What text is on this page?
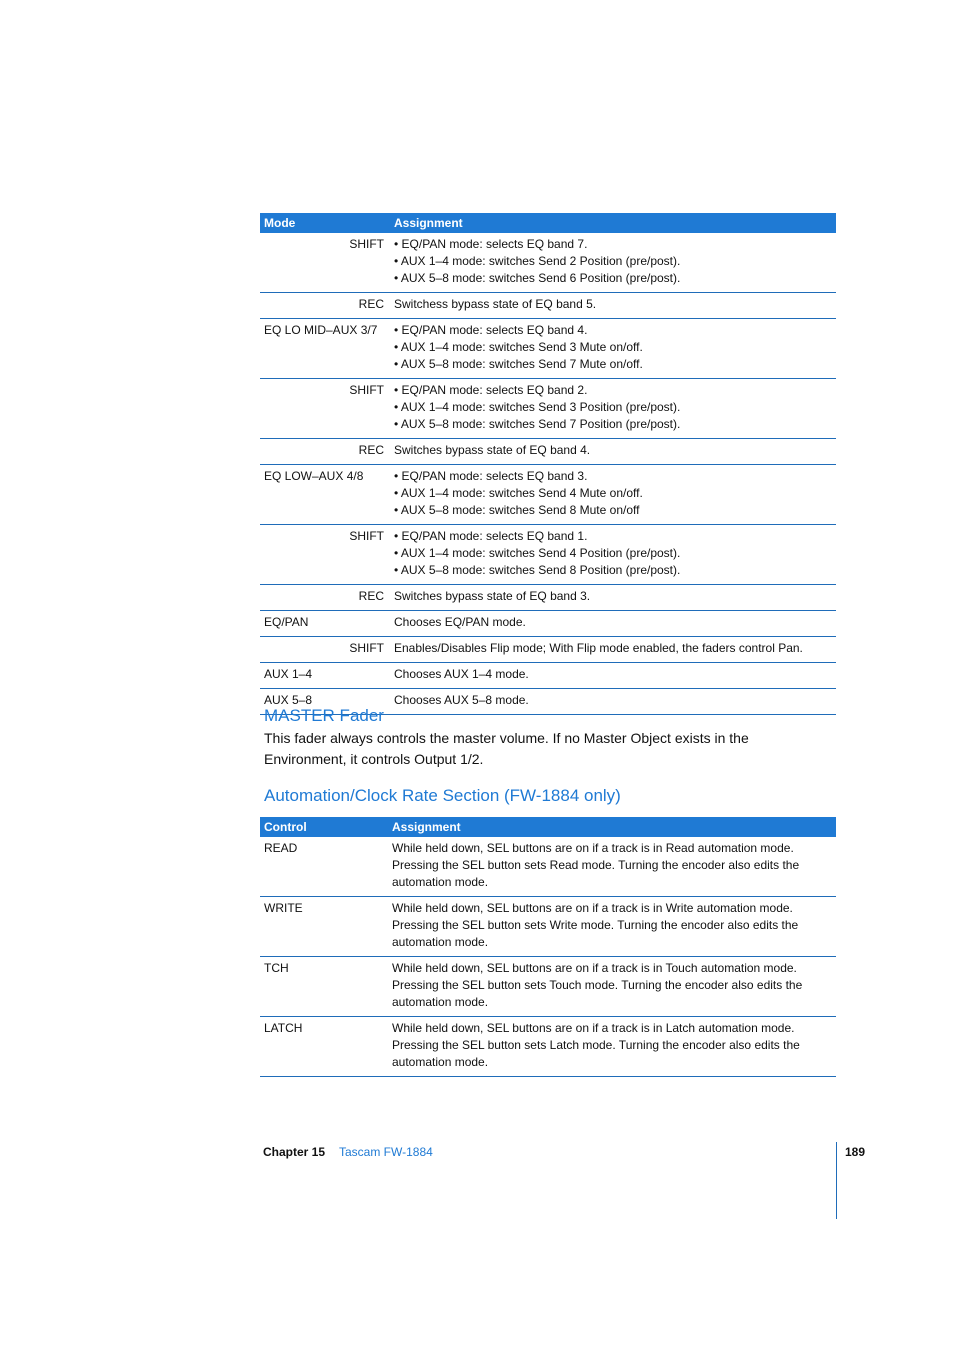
Mode	Assignment
SHIFT	• EQ/PAN mode: selects EQ band 7.
• AUX 1–4 mode: switches Send 2 Position (pre/post).
• AUX 5–8 mode: switches Send 6 Position (pre/post).

REC	Switchess bypass state of EQ band 5.

EQ LO MID–AUX 3/7	• EQ/PAN mode: selects EQ band 4.
• AUX 1–4 mode: switches Send 3 Mute on/off.
• AUX 5–8 mode: switches Send 7 Mute on/off.

SHIFT	• EQ/PAN mode: selects EQ band 2.
• AUX 1–4 mode: switches Send 3 Position (pre/post).
• AUX 5–8 mode: switches Send 7 Position (pre/post).

REC	Switches bypass state of EQ band 4.

EQ LOW–AUX 4/8	• EQ/PAN mode: selects EQ band 3.
• AUX 1–4 mode: switches Send 4 Mute on/off.
• AUX 5–8 mode: switches Send 8 Mute on/off

SHIFT	• EQ/PAN mode: selects EQ band 1.
• AUX 1–4 mode: switches Send 4 Position (pre/post).
• AUX 5–8 mode: switches Send 8 Position (pre/post).

REC	Switches bypass state of EQ band 3.

EQ/PAN	Chooses EQ/PAN mode.

SHIFT	Enables/Disables Flip mode; With Flip mode enabled, the faders control Pan.

AUX 1–4	Chooses AUX 1–4 mode.

AUX 5–8	Chooses AUX 5–8 mode.
MASTER Fader

This fader always controls the master volume. If no Master Object exists in the Environment, it controls Output 1/2.

Automation/Clock Rate Section (FW-1884 only)
Control	Assignment
READ	While held down, SEL buttons are on if a track is in Read automation mode.
Pressing the SEL button sets Read mode. Turning the encoder also edits the
automation mode.

WRITE	While held down, SEL buttons are on if a track is in Write automation mode.
Pressing the SEL button sets Write mode. Turning the encoder also edits the
automation mode.

TCH	While held down, SEL buttons are on if a track is in Touch automation mode.
Pressing the SEL button sets Touch mode. Turning the encoder also edits the
automation mode.

LATCH	While held down, SEL buttons are on if a track is in Latch automation mode.
Pressing the SEL button sets Latch mode. Turning the encoder also edits the
automation mode.
Chapter 15 Tascam FW-1884	189
